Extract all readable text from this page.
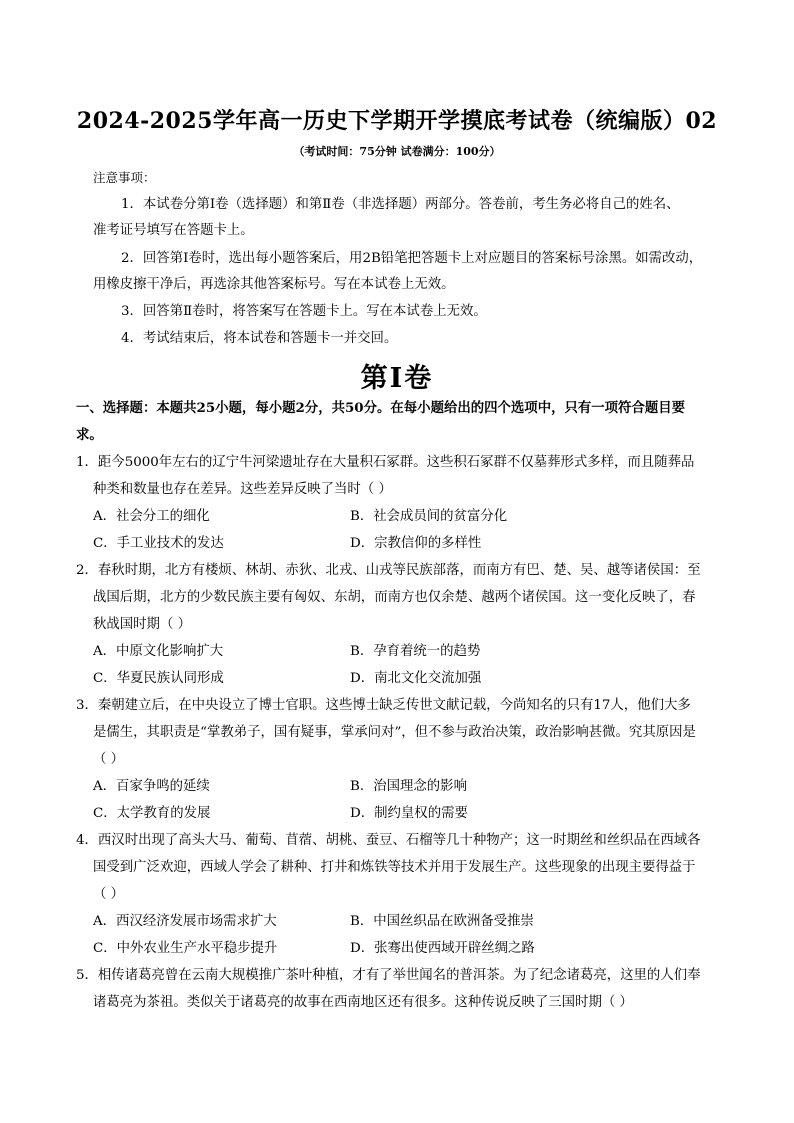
2024-2025学年高一历史下学期开学摸底考试卷（统编版）02
（考试时间：75分钟 试卷满分：100分）
注意事项：
1．本试卷分第Ⅰ卷（选择题）和第Ⅱ卷（非选择题）两部分。答卷前，考生务必将自己的姓名、
准考证号填写在答题卡上。
2．回答第Ⅰ卷时，选出每小题答案后，用2B铅笔把答题卡上对应题目的答案标号涂黑。如需改动，
用橡皮擦干净后，再选涂其他答案标号。写在本试卷上无效。
3．回答第Ⅱ卷时，将答案写在答题卡上。写在本试卷上无效。
4．考试结束后，将本试卷和答题卡一并交回。
第Ⅰ卷
一、选择题：本题共25小题，每小题2分，共50分。在每小题给出的四个选项中，只有一项符合题目要
求。
1．距今5000年左右的辽宁牛河梁遗址存在大量积石冢群。这些积石冢群不仅墓葬形式多样，而且随葬品
种类和数量也存在差异。这些差异反映了当时（ ）
A．社会分工的细化	B．社会成员间的贫富分化
C．手工业技术的发达	D．宗教信仰的多样性
2．春秋时期，北方有楼烦、林胡、赤狄、北戎、山戎等民族部落，而南方有巴、楚、吴、越等诸侯国：至
战国后期，北方的少数民族主要有匈奴、东胡，而南方也仅余楚、越两个诸侯国。这一变化反映了，春
秋战国时期（ ）
A．中原文化影响扩大	B．孕育着统一的趋势
C．华夏民族认同形成	D．南北文化交流加强
3．秦朝建立后，在中央设立了博士官职。这些博士缺乏传世文献记载，今尚知名的只有17人，他们大多
是儒生，其职责是“掌教弟子，国有疑事，掌承问对”，但不参与政治决策，政治影响甚微。究其原因是
（ ）
A．百家争鸣的延续	B．治国理念的影响
C．太学教育的发展	D．制约皇权的需要
4．西汉时出现了高头大马、葡萄、苜蓿、胡桃、蚕豆、石榴等几十种物产；这一时期丝和丝织品在西域各
国受到广泛欢迎，西域人学会了耕种、打井和炼铁等技术并用于发展生产。这些现象的出现主要得益于
（ ）
A．西汉经济发展市场需求扩大	B．中国丝织品在欧洲备受推崇
C．中外农业生产水平稳步提升	D．张骞出使西域开辟丝绸之路
5．相传诸葛亮曾在云南大规模推广茶叶种植，才有了举世闻名的普洱茶。为了纪念诸葛亮，这里的人们奉
诸葛亮为茶祖。类似关于诸葛亮的故事在西南地区还有很多。这种传说反映了三国时期（ ）
